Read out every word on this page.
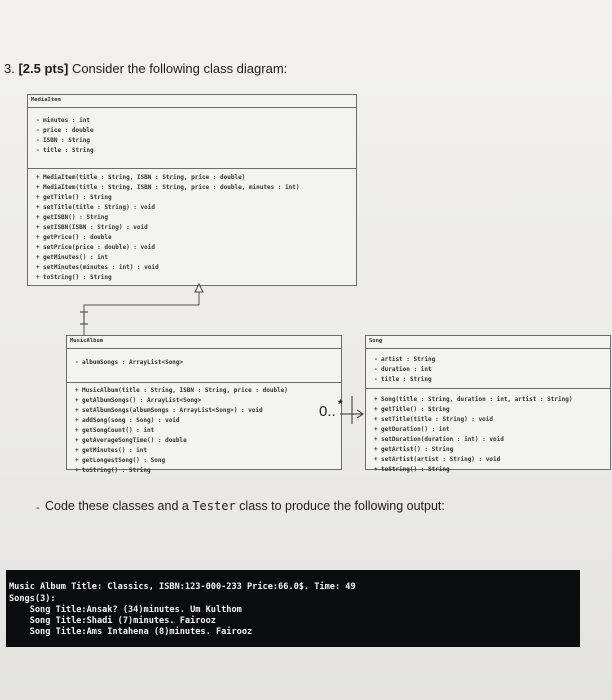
3. [2.5 pts] Consider the following class diagram:
MediaItem
- minutes : int
- price : double
- ISBN : String
- title : String
+ MediaItem(title : String, ISBN : String, price : double)
+ MediaItem(title : String, ISBN : String, price : double, minutes : int)
+ getTitle() : String
+ setTitle(title : String) : void
+ getISBN() : String
+ setISBN(ISBN : String) : void
+ getPrice() : double
+ setPrice(price : double) : void
+ getMinutes() : int
+ setMinutes(minutes : int) : void
+ toString() : String
MusicAlbum
- albumSongs : ArrayList<Song>
+ MusicAlbum(title : String, ISBN : String, price : double)
+ getAlbumSongs() : ArrayList<Song>
+ setAlbumSongs(albumSongs : ArrayList<Song>) : void
+ addSong(song : Song) : void
+ getSongCount() : int
+ getAverageSongTime() : double
+ getMinutes() : int
+ getLongestSong() : Song
+ toString() : String
Song
- artist : String
- duration : int
- title : String
+ Song(title : String, duration : int, artist : String)
+ getTitle() : String
+ setTitle(title : String) : void
+ getDuration() : int
+ setDuration(duration : int) : void
+ getArtist() : String
+ setArtist(artist : String) : void
+ toString() : String
0.. *
- Code these classes and a Tester class to produce the following output:
Music Album Title: Classics, ISBN:123-000-233 Price:66.0$. Time: 49
Songs(3):
Song Title:Ansak? (34)minutes. Um Kulthom
Song Title:Shadi (7)minutes. Fairooz
Song Title:Ams Intahena (8)minutes. Fairooz
